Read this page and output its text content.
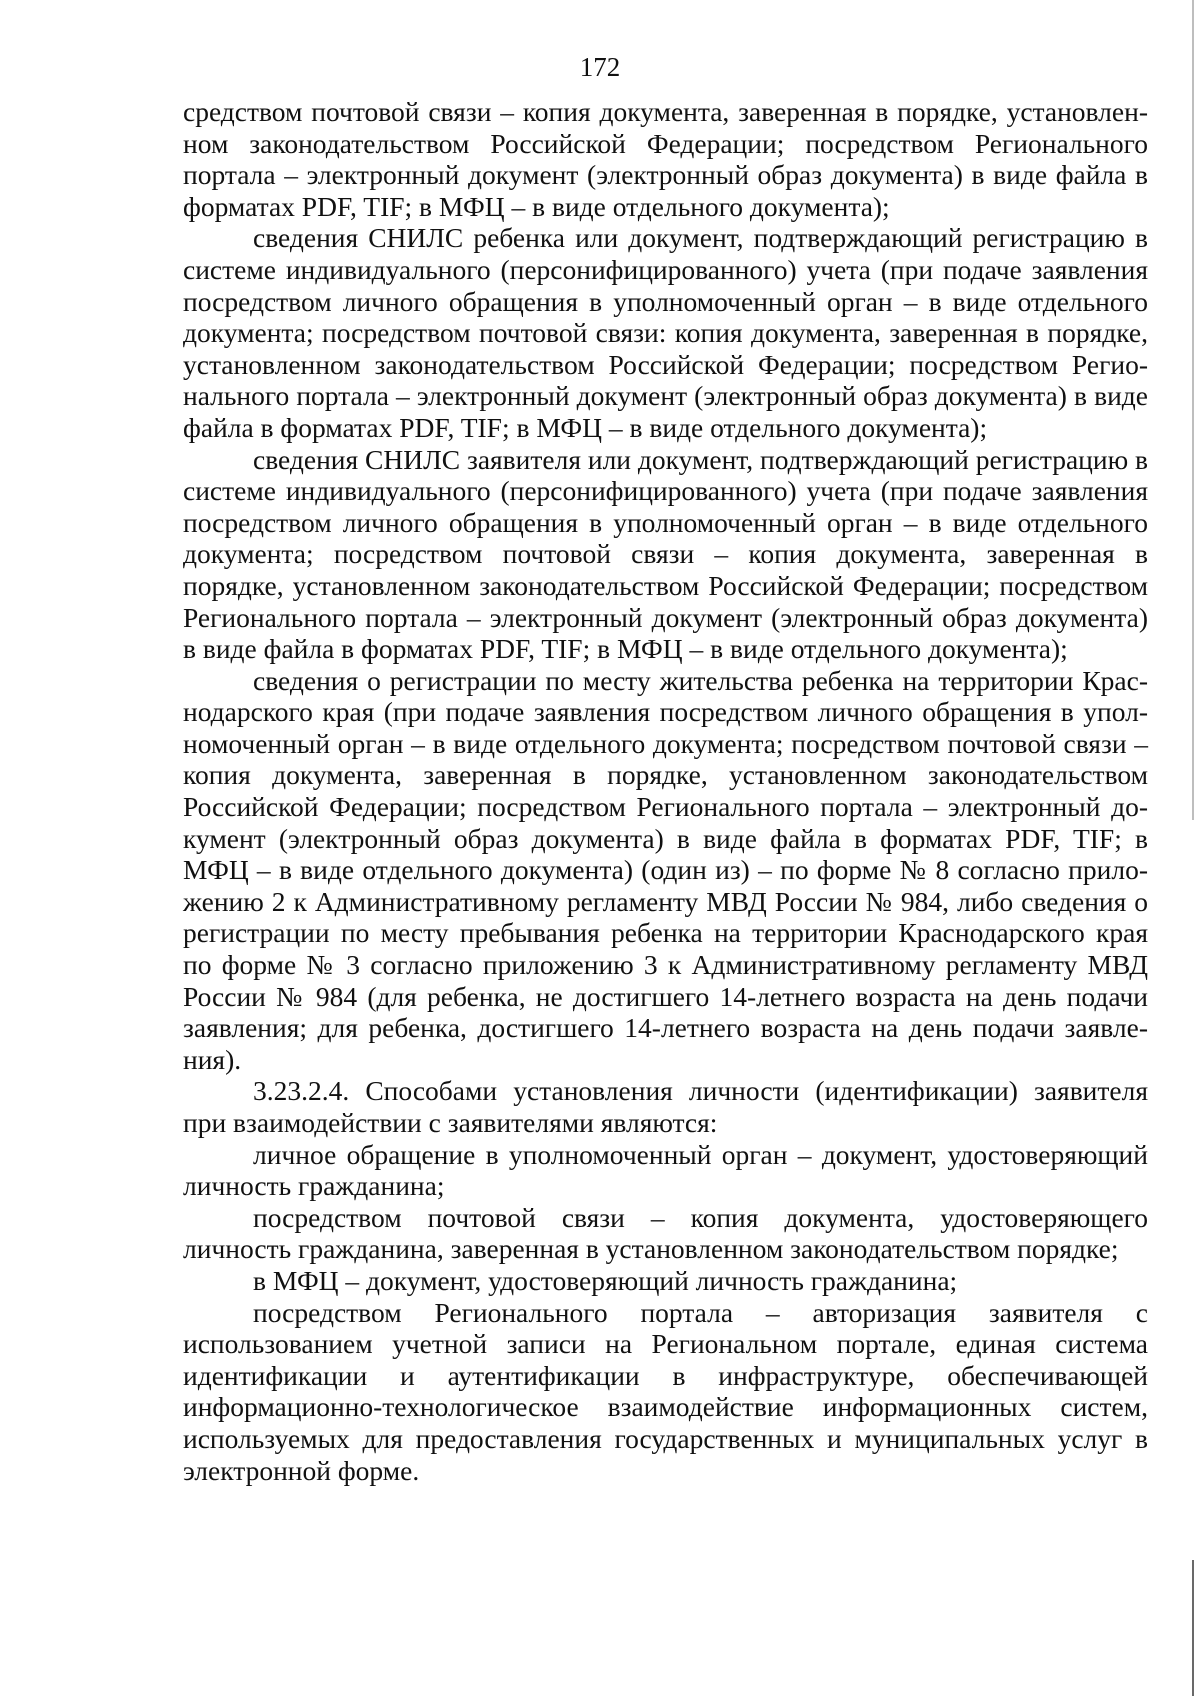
172

средством почтовой связи – копия документа, заверенная в порядке, установленном законодательством Российской Федерации; посредством Регионального портала – электронный документ (электронный образ документа) в виде файла в форматах PDF, TIF; в МФЦ – в виде отдельного документа);

сведения СНИЛС ребенка или документ, подтверждающий регистрацию в системе индивидуального (персонифицированного) учета (при подаче заявления посредством личного обращения в уполномоченный орган – в виде отдельного документа; посредством почтовой связи: копия документа, заверенная в порядке, установленном законодательством Российской Федерации; посредством Регионального портала – электронный документ (электронный образ документа) в виде файла в форматах PDF, TIF; в МФЦ – в виде отдельного документа);

сведения СНИЛС заявителя или документ, подтверждающий регистрацию в системе индивидуального (персонифицированного) учета (при подаче заявления посредством личного обращения в уполномоченный орган – в виде отдельного документа; посредством почтовой связи – копия документа, заверенная в порядке, установленном законодательством Российской Федерации; посредством Регионального портала – электронный документ (электронный образ документа) в виде файла в форматах PDF, TIF; в МФЦ – в виде отдельного документа);

сведения о регистрации по месту жительства ребенка на территории Краснодарского края (при подаче заявления посредством личного обращения в уполномоченный орган – в виде отдельного документа; посредством почтовой связи – копия документа, заверенная в порядке, установленном законодательством Российской Федерации; посредством Регионального портала – электронный документ (электронный образ документа) в виде файла в форматах PDF, TIF; в МФЦ – в виде отдельного документа) (один из) – по форме № 8 согласно приложению 2 к Административному регламенту МВД России № 984, либо сведения о регистрации по месту пребывания ребенка на территории Краснодарского края по форме № 3 согласно приложению 3 к Административному регламенту МВД России № 984 (для ребенка, не достигшего 14-летнего возраста на день подачи заявления; для ребенка, достигшего 14-летнего возраста на день подачи заявления).

3.23.2.4. Способами установления личности (идентификации) заявителя при взаимодействии с заявителями являются:

личное обращение в уполномоченный орган – документ, удостоверяющий личность гражданина;

посредством почтовой связи – копия документа, удостоверяющего личность гражданина, заверенная в установленном законодательством порядке;

в МФЦ – документ, удостоверяющий личность гражданина;

посредством Регионального портала – авторизация заявителя с использованием учетной записи на Региональном портале, единая система идентификации и аутентификации в инфраструктуре, обеспечивающей информационно-технологическое взаимодействие информационных систем, используемых для предоставления государственных и муниципальных услуг в электронной форме.
